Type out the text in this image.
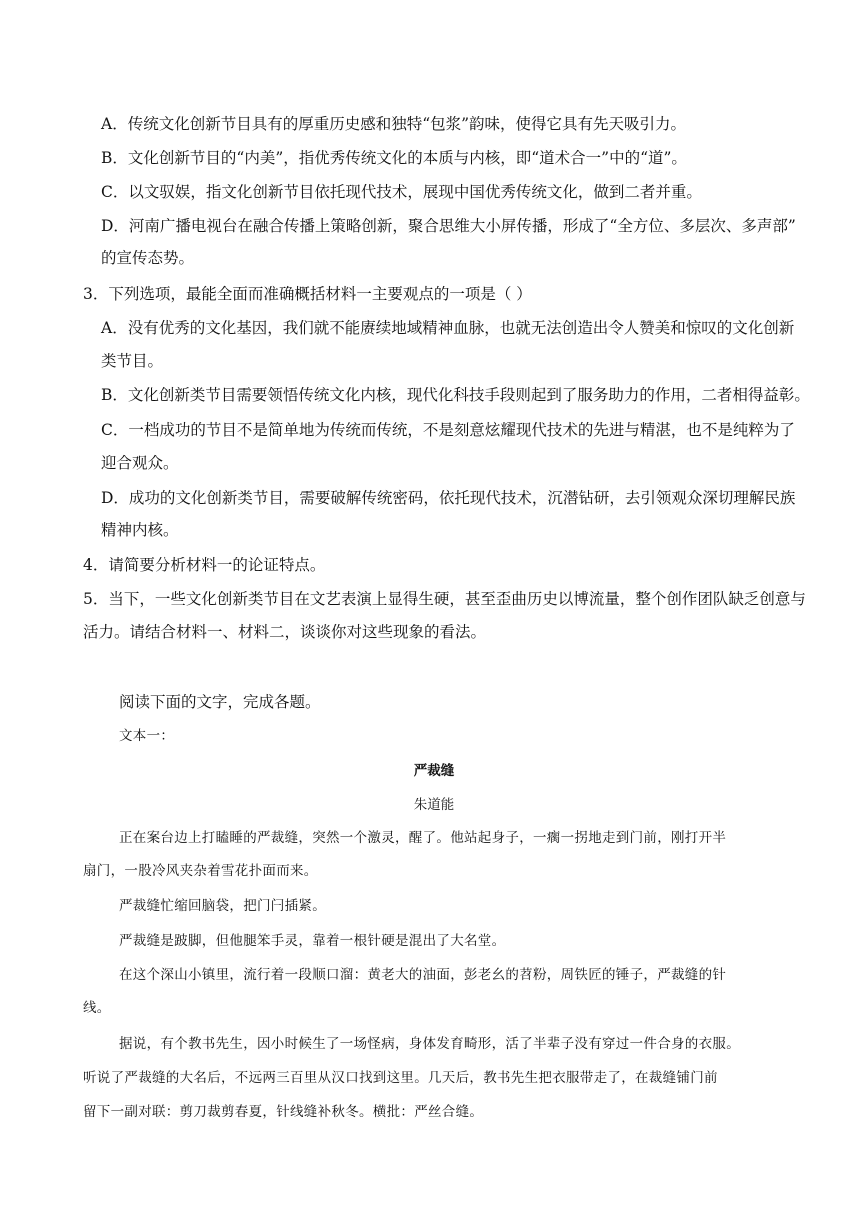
A．传统文化创新节目具有的厚重历史感和独特“包浆”韵味，使得它具有先天吸引力。
B．文化创新节目的“内美”，指优秀传统文化的本质与内核，即“道术合一”中的“道”。
C．以文驭娱，指文化创新节目依托现代技术，展现中国优秀传统文化，做到二者并重。
D．河南广播电视台在融合传播上策略创新，聚合思维大小屏传播，形成了“全方位、多层次、多声部”
的宣传态势。
3．下列选项，最能全面而准确概括材料一主要观点的一项是（ ）
A．没有优秀的文化基因，我们就不能赓续地域精神血脉，也就无法创造出令人赞美和惊叹的文化创新
类节目。
B．文化创新类节目需要领悟传统文化内核，现代化科技手段则起到了服务助力的作用，二者相得益彰。
C．一档成功的节目不是简单地为传统而传统，不是刻意炫耀现代技术的先进与精湛，也不是纯粹为了
迎合观众。
D．成功的文化创新类节目，需要破解传统密码，依托现代技术，沉潜钻研，去引领观众深切理解民族
精神内核。
4．请简要分析材料一的论证特点。
5．当下，一些文化创新类节目在文艺表演上显得生硬，甚至歪曲历史以博流量，整个创作团队缺乏创意与
活力。请结合材料一、材料二，谈谈你对这些现象的看法。
阅读下面的文字，完成各题。
文本一：
严裁缝
朱道能
正在案台边上打瞌睡的严裁缝，突然一个激灵，醒了。他站起身子，一瘸一拐地走到门前，刚打开半
扇门，一股冷风夹杂着雪花扑面而来。
严裁缝忙缩回脑袋，把门闩插紧。
严裁缝是跛脚，但他腿笨手灵，靠着一根针硬是混出了大名堂。
在这个深山小镇里，流行着一段顺口溜：黄老大的油面，彭老幺的苕粉，周铁匠的锤子，严裁缝的针
线。
据说，有个教书先生，因小时候生了一场怪病，身体发育畸形，活了半辈子没有穿过一件合身的衣服。
听说了严裁缝的大名后，不远两三百里从汉口找到这里。几天后，教书先生把衣服带走了，在裁缝铺门前
留下一副对联：剪刀裁剪春夏，针线缝补秋冬。横批：严丝合缝。
